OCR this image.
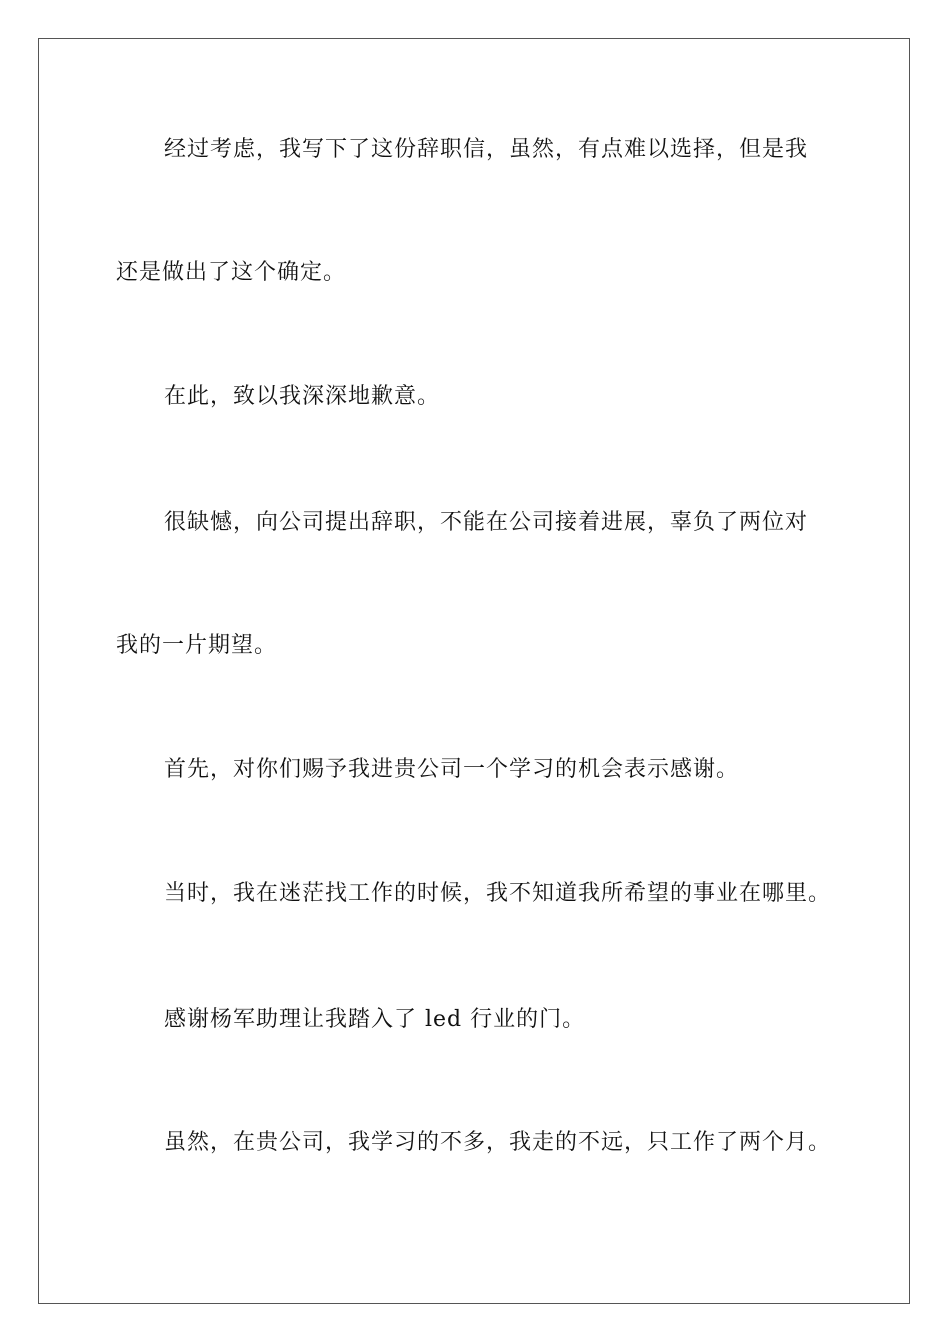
经过考虑，我写下了这份辞职信，虽然，有点难以选择，但是我
还是做出了这个确定。
在此，致以我深深地歉意。
很缺憾，向公司提出辞职，不能在公司接着进展，辜负了两位对
我的一片期望。
首先，对你们赐予我进贵公司一个学习的机会表示感谢。
当时，我在迷茫找工作的时候，我不知道我所希望的事业在哪里。
感谢杨军助理让我踏入了 led 行业的门。
虽然，在贵公司，我学习的不多，我走的不远，只工作了两个月。
